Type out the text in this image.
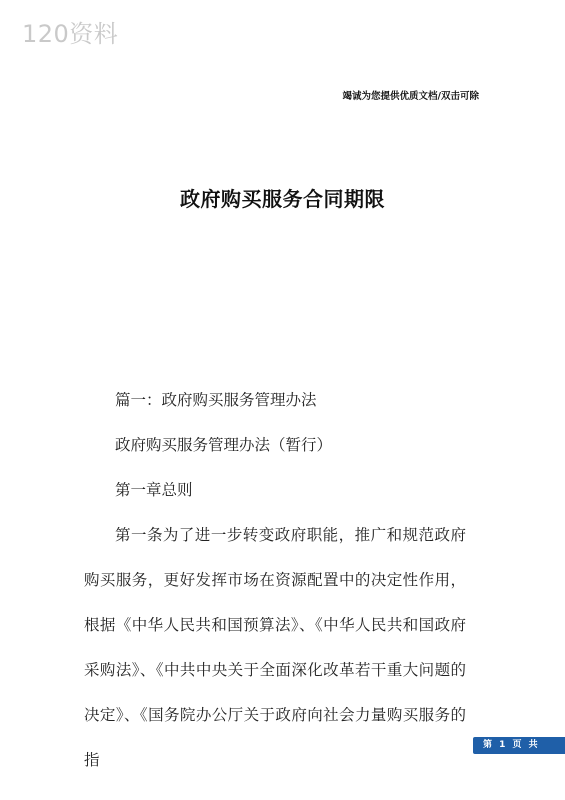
120资料
竭诚为您提供优质文档/双击可除
政府购买服务合同期限

篇一：政府购买服务管理办法

政府购买服务管理办法（暂行）

第一章总则

第一条为了进一步转变政府职能，推广和规范政府购买服务，更好发挥市场在资源配置中的决定性作用，根据《中华人民共和国预算法》、《中华人民共和国政府采购法》、《中共中央关于全面深化改革若干重大问题的决定》、《国务院办公厅关于政府向社会力量购买服务的指

第 1 页 共
